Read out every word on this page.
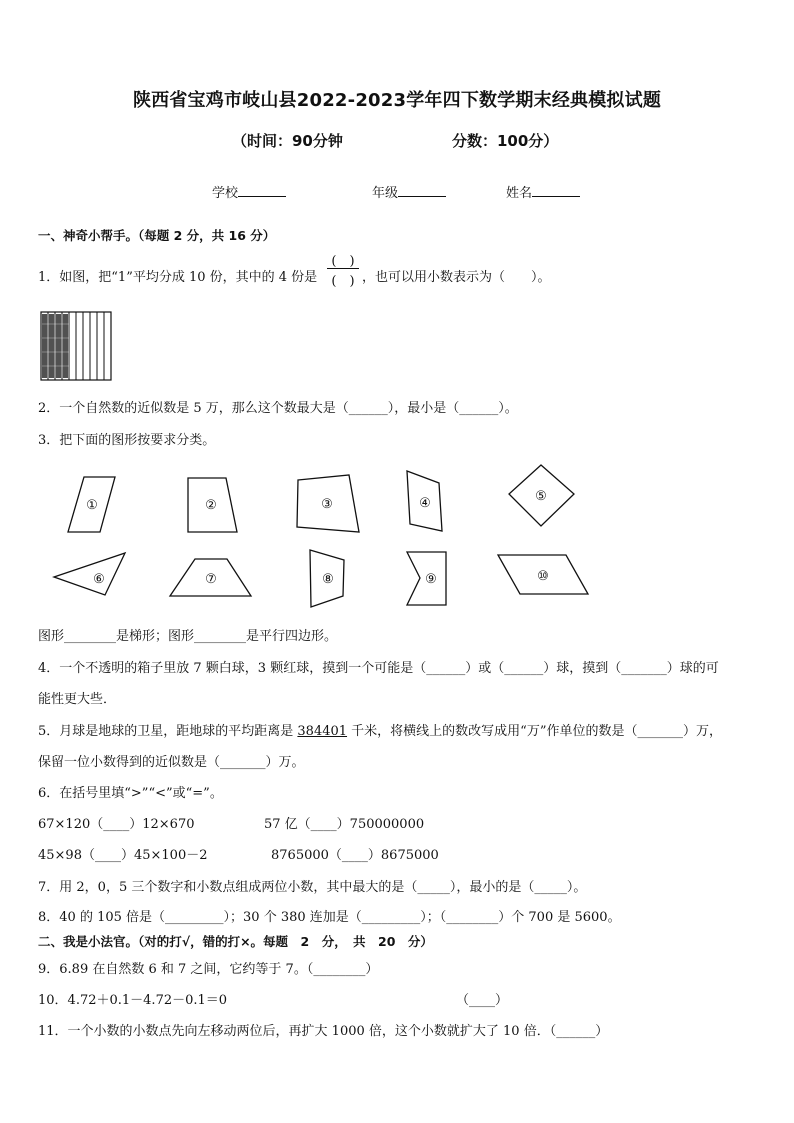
陕西省宝鸡市岐山县2022-2023学年四下数学期末经典模拟试题
（时间：90分钟	分数：100分）
学校	年级	姓名
一、神奇小帮手。（每题 2 分，共 16 分）
1．如图，把“1”平均分成 10 份，其中的 4 份是
(　)
(　) ，也可以用小数表示为（　　）。
2．一个自然数的近似数是 5 万，那么这个数最大是（______），最小是（______）。
3．把下面的图形按要求分类。
①	②	③	④	⑤
⑥	⑦	⑧	⑨	⑩
图形________是梯形；图形________是平行四边形。
4．一个不透明的箱子里放 7 颗白球，3 颗红球，摸到一个可能是（______）或（______）球，摸到（_______）球的可
能性更大些．
5．月球是地球的卫星，距地球的平均距离是 384401 千米，将横线上的数改写成用“万”作单位的数是（_______）万，
保留一位小数得到的近似数是（_______）万。
6．在括号里填“>”“<”或“=”。
67×120（____）12×670	57 亿（____）750000000
45×98（____）45×100－2	8765000（____）8675000
7．用 2，0，5 三个数字和小数点组成两位小数，其中最大的是（_____），最小的是（_____）。
8．40 的 105 倍是（_________）；30 个 380 连加是（_________）；（________）个 700 是 5600。
二、我是小法官。（对的打√，错的打×。每题　2　分，　共　20　分）
9．6.89 在自然数 6 和 7 之间，它约等于 7。（________）
10．4.72＋0.1－4.72－0.1＝0	（____）
11．一个小数的小数点先向左移动两位后，再扩大 1000 倍，这个小数就扩大了 10 倍．（______）
